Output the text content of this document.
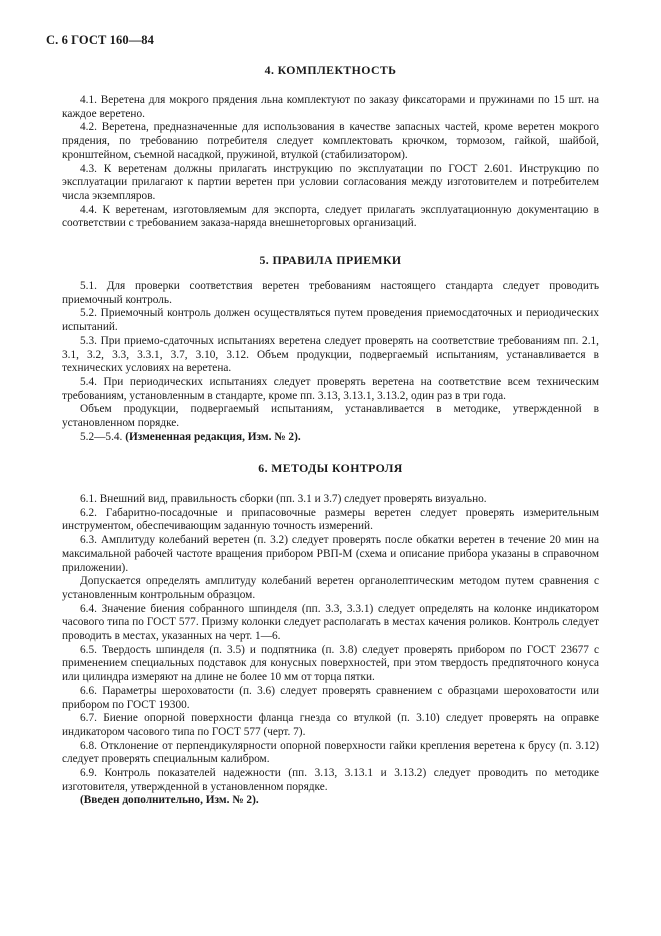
С. 6 ГОСТ 160—84
4. КОМПЛЕКТНОСТЬ

4.1. Веретена для мокрого прядения льна комплектуют по заказу фиксаторами и пружинами по 15 шт. на каждое веретено.

4.2. Веретена, предназначенные для использования в качестве запасных частей, кроме веретен мокрого прядения, по требованию потребителя следует комплектовать крючком, тормозом, гайкой, шайбой, кронштейном, съемной насадкой, пружиной, втулкой (стабилизатором).

4.3. К веретенам должны прилагать инструкцию по эксплуатации по ГОСТ 2.601. Инструкцию по эксплуатации прилагают к партии веретен при условии согласования между изготовителем и потребителем числа экземпляров.

4.4. К веретенам, изготовляемым для экспорта, следует прилагать эксплуатационную документацию в соответствии с требованием заказа-наряда внешнеторговых организаций.

5. ПРАВИЛА ПРИЕМКИ

5.1. Для проверки соответствия веретен требованиям настоящего стандарта следует проводить приемочный контроль.

5.2. Приемочный контроль должен осуществляться путем проведения приемосдаточных и периодических испытаний.

5.3. При приемо-сдаточных испытаниях веретена следует проверять на соответствие требованиям пп. 2.1, 3.1, 3.2, 3.3, 3.3.1, 3.7, 3.10, 3.12. Объем продукции, подвергаемый испытаниям, устанавливается в технических условиях на веретена.

5.4. При периодических испытаниях следует проверять веретена на соответствие всем техническим требованиям, установленным в стандарте, кроме пп. 3.13, 3.13.1, 3.13.2, один раз в три года.

Объем продукции, подвергаемый испытаниям, устанавливается в методике, утвержденной в установленном порядке.

5.2—5.4. (Измененная редакция, Изм. № 2).

6. МЕТОДЫ КОНТРОЛЯ

6.1. Внешний вид, правильность сборки (пп. 3.1 и 3.7) следует проверять визуально.

6.2. Габаритно-посадочные и припасовочные размеры веретен следует проверять измерительным инструментом, обеспечивающим заданную точность измерений.

6.3. Амплитуду колебаний веретен (п. 3.2) следует проверять после обкатки веретен в течение 20 мин на максимальной рабочей частоте вращения прибором РВП-М (схема и описание прибора указаны в справочном приложении).

Допускается определять амплитуду колебаний веретен органолептическим методом путем сравнения с установленным контрольным образцом.

6.4. Значение биения собранного шпинделя (пп. 3.3, 3.3.1) следует определять на колонке индикатором часового типа по ГОСТ 577. Призму колонки следует располагать в местах качения роликов. Контроль следует проводить в местах, указанных на черт. 1—6.

6.5. Твердость шпинделя (п. 3.5) и подпятника (п. 3.8) следует проверять прибором по ГОСТ 23677 с применением специальных подставок для конусных поверхностей, при этом твердость предпяточного конуса или цилиндра измеряют на длине не более 10 мм от торца пятки.

6.6. Параметры шероховатости (п. 3.6) следует проверять сравнением с образцами шероховатости или прибором по ГОСТ 19300.

6.7. Биение опорной поверхности фланца гнезда со втулкой (п. 3.10) следует проверять на оправке индикатором часового типа по ГОСТ 577 (черт. 7).

6.8. Отклонение от перпендикулярности опорной поверхности гайки крепления веретена к брусу (п. 3.12) следует проверять специальным калибром.

6.9. Контроль показателей надежности (пп. 3.13, 3.13.1 и 3.13.2) следует проводить по методике изготовителя, утвержденной в установленном порядке.

(Введен дополнительно, Изм. № 2).
